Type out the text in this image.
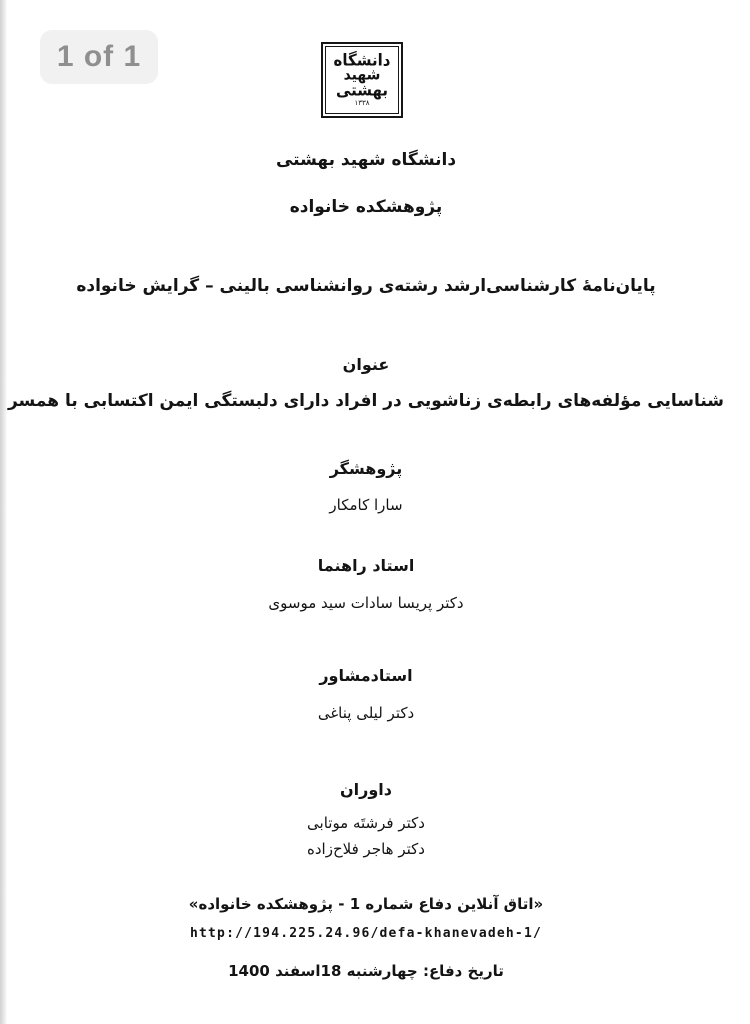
1 of 1	دانشگاه
شهید
بهشتی
۱۳۳۸
دانشگاه شهید بهشتی
پژوهشکده خانواده
پایان‌نامهٔ کارشناسی‌ارشد رشته‌ی روانشناسی بالینی – گرایش خانواده
عنوان
شناسایی مؤلفه‌های رابطه‌ی زناشویی در افراد دارای دلبستگی ایمن اکتسابی با همسر
پژوهشگر
سارا کامکار
استاد راهنما
دکتر پریسا سادات سید موسوی
استادمشاور
دکتر لیلی پناغی
داوران
دکتر فرشتَه موتابی
دکتر هاجر فلاح‌زاده
«اتاق آنلاین دفاع شماره 1 - پژوهشکده خانواده»
http://194.225.24.96/defa-khanevadeh-1/
تاریخ دفاع: چهارشنبه 18اسفند 1400
